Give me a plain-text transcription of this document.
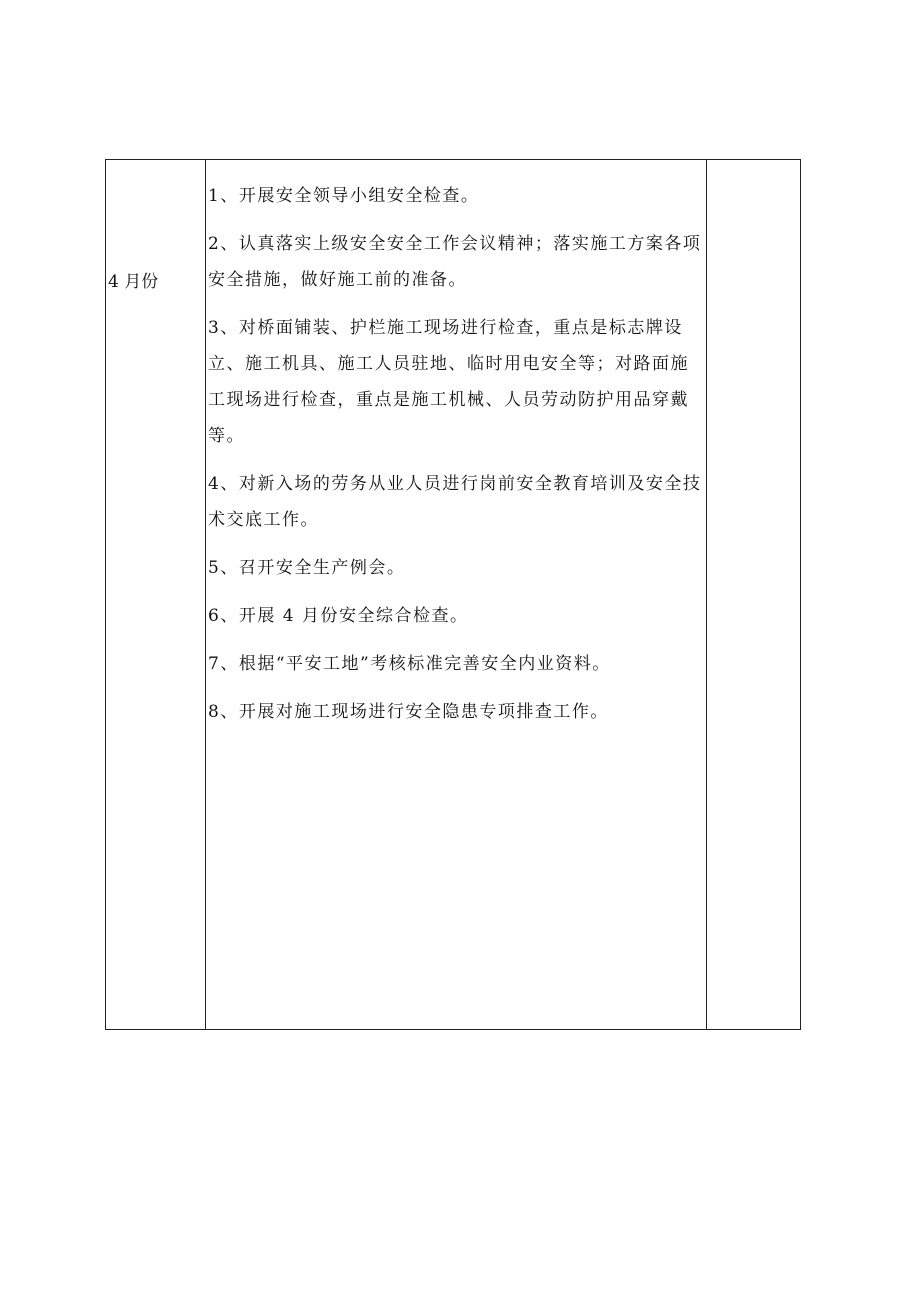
4 月份

1、开展安全领导小组安全检查。

2、认真落实上级安全安全工作会议精神；落实施工方案各项安全措施，做好施工前的准备。

3、对桥面铺装、护栏施工现场进行检查，重点是标志牌设立、施工机具、施工人员驻地、临时用电安全等；对路面施工现场进行检查，重点是施工机械、人员劳动防护用品穿戴等。

4、对新入场的劳务从业人员进行岗前安全教育培训及安全技术交底工作。

5、召开安全生产例会。

6、开展 4 月份安全综合检查。

7、根据“平安工地”考核标准完善安全内业资料。

8、开展对施工现场进行安全隐患专项排查工作。
